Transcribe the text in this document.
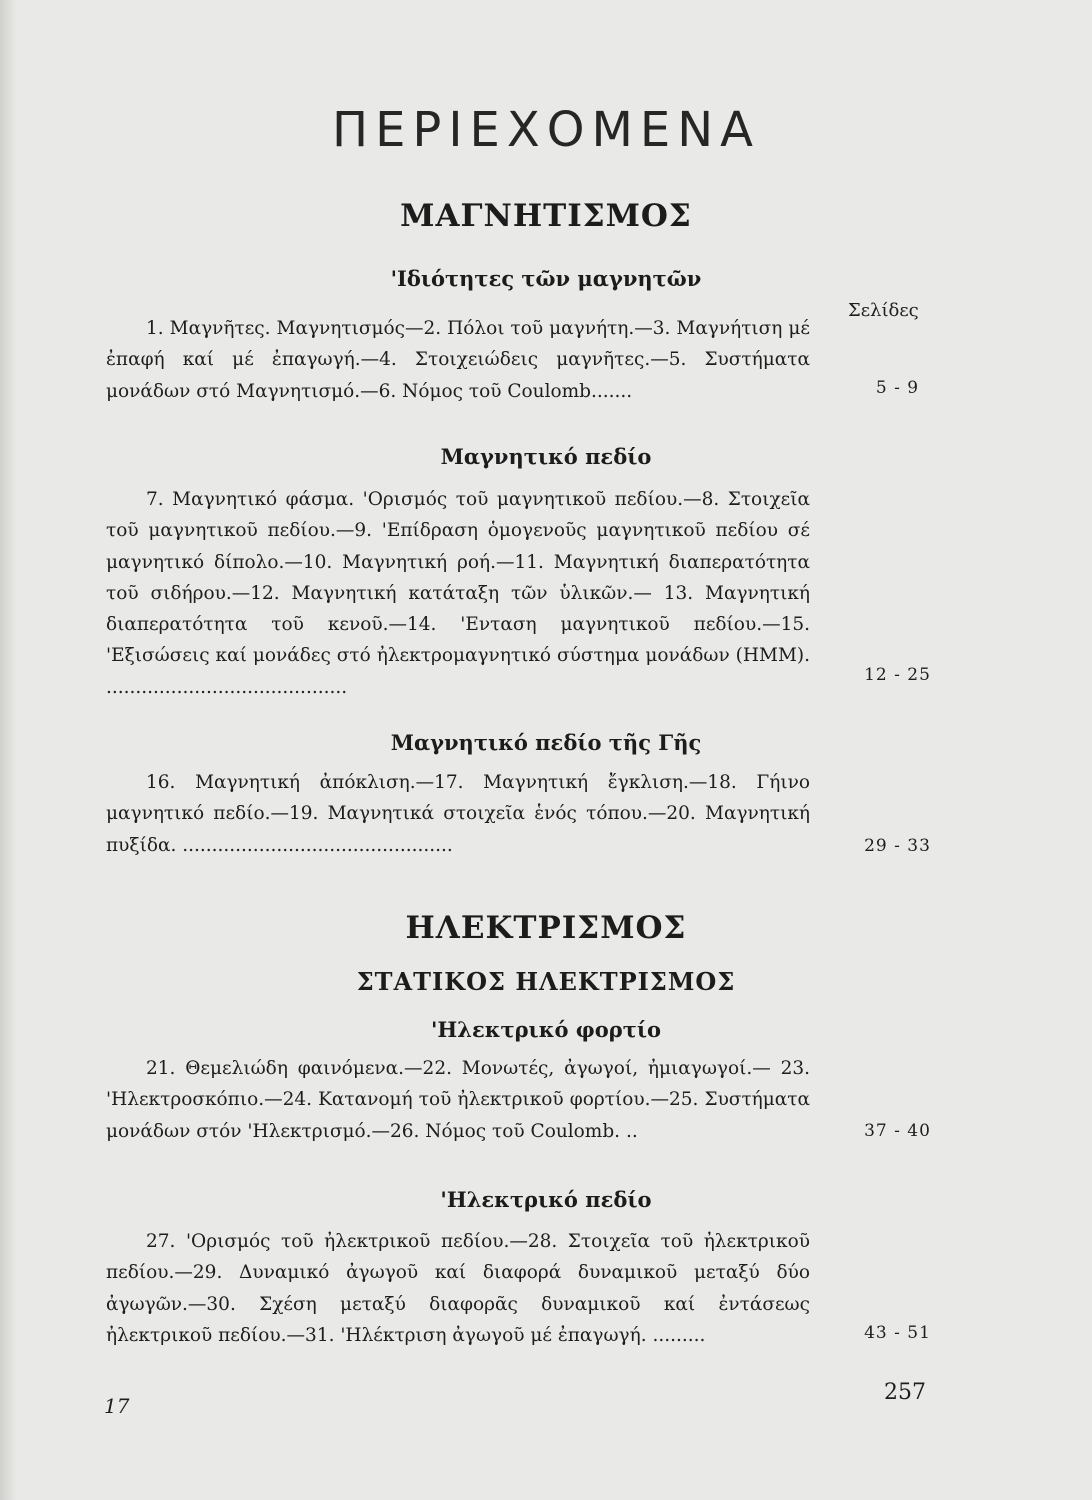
ΠΕΡΙΕΧΟΜΕΝΑ
Σελίδες
ΜΑΓΝΗΤΙΣΜΟΣ
'Ιδιότητες τῶν μαγνητῶν
1. Μαγνῆτες. Μαγνητισμός—2. Πόλοι τοῦ μαγνήτη.—3. Μαγνήτιση μέ ἐπαφή καί μέ ἐπαγωγή.—4. Στοιχειώδεις μαγνῆτες.—5. Συστήματα μονάδων στό Μαγνητισμό.—6. Νόμος τοῦ Coulomb.......	5 - 9
Μαγνητικό πεδίο
7. Μαγνητικό φάσμα. 'Ορισμός τοῦ μαγνητικοῦ πεδίου.—8. Στοιχεῖα τοῦ μαγνητικοῦ πεδίου.—9. 'Επίδραση ὁμογενοῦς μαγνητικοῦ πεδίου σέ μαγνητικό δίπολο.—10. Μαγνητική ροή.—11. Μαγνητική διαπερατότητα τοῦ σιδήρου.—12. Μαγνητική κατάταξη τῶν ὑλικῶν.— 13. Μαγνητική διαπερατότητα τοῦ κενοῦ.—14. 'Ενταση μαγνητικοῦ πεδίου.—15. 'Εξισώσεις καί μονάδες στό ἠλεκτρομαγνητικό σύστημα μονάδων (ΗΜΜ). .........................................
12 - 25
Μαγνητικό πεδίο τῆς Γῆς
16. Μαγνητική ἀπόκλιση.—17. Μαγνητική ἔγκλιση.—18. Γήινο μαγνητικό πεδίο.—19. Μαγνητικά στοιχεῖα ἑνός τόπου.—20. Μαγνητική πυξίδα. ..............................................	29 - 33
ΗΛΕΚΤΡΙΣΜΟΣ
ΣΤΑΤΙΚΟΣ ΗΛΕΚΤΡΙΣΜΟΣ
'Ηλεκτρικό φορτίο
21. Θεμελιώδη φαινόμενα.—22. Μονωτές, ἀγωγοί, ἠμιαγωγοί.— 23. 'Ηλεκτροσκόπιο.—24. Κατανομή τοῦ ἠλεκτρικοῦ φορτίου.—25. Συστήματα μονάδων στόν 'Ηλεκτρισμό.—26. Νόμος τοῦ Coulomb. ..	37 - 40
'Ηλεκτρικό πεδίο
27. 'Ορισμός τοῦ ἠλεκτρικοῦ πεδίου.—28. Στοιχεῖα τοῦ ἠλεκτρικοῦ πεδίου.—29. Δυναμικό ἀγωγοῦ καί διαφορά δυναμικοῦ μεταξύ δύο ἀγωγῶν.—30. Σχέση μεταξύ διαφορᾶς δυναμικοῦ καί ἐντάσεως ἠλεκτρικοῦ πεδίου.—31. 'Ηλέκτριση ἀγωγοῦ μέ ἐπαγωγή. .........	43 - 51
17
257
